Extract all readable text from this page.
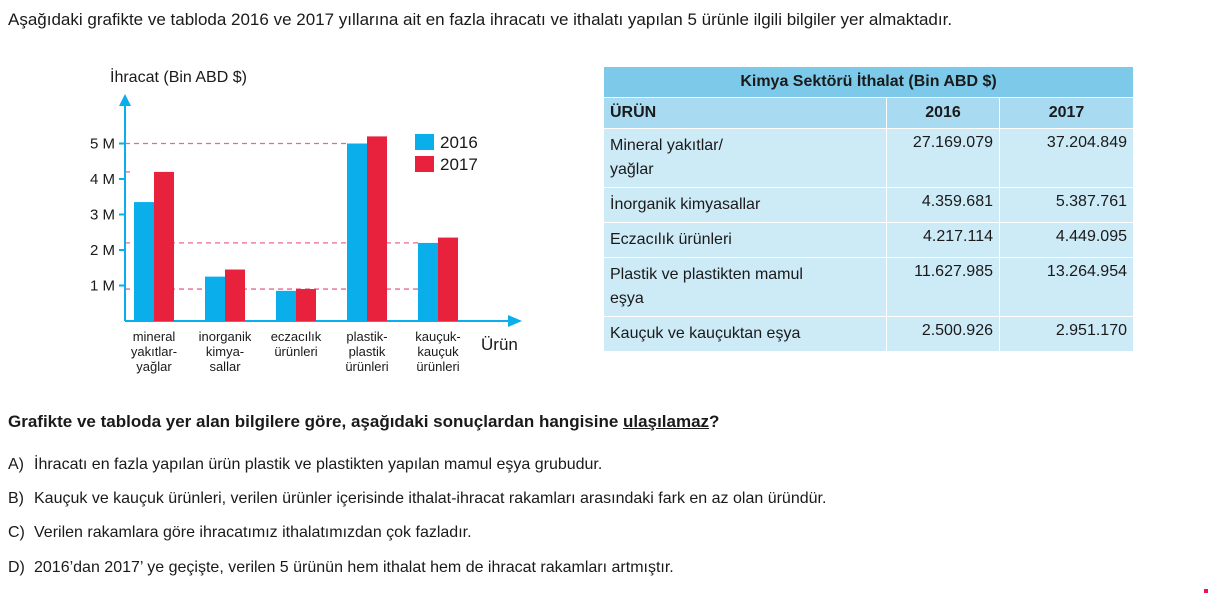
Aşağıdaki grafikte ve tabloda 2016 ve 2017 yıllarına ait en fazla ihracatı ve ithalatı yapılan 5 ürünle ilgili bilgiler yer almaktadır.
1 M
2 M
3 M
4 M
5 M
İhracat (Bin ABD $)
Ürün
mineral
yakıtlar-
yağlar
inorganik
kimya-
sallar
eczacılık
ürünleri
plastik-
plastik
ürünleri
kauçuk-
kauçuk
ürünleri
2016
2017
Kimya Sektörü İthalat (Bin ABD $)		
ÜRÜN	2016	2017
Mineral yakıtlar/
yağlar	27.169.079	37.204.849
İnorganik kimyasallar	4.359.681	5.387.761
Eczacılık ürünleri	4.217.114	4.449.095
Plastik ve plastikten mamul
eşya	11.627.985	13.264.954
Kauçuk ve kauçuktan eşya	2.500.926	2.951.170
Grafikte ve tabloda yer alan bilgilere göre, aşağıdaki sonuçlardan hangisine ulaşılamaz?
A) İhracatı en fazla yapılan ürün plastik ve plastikten yapılan mamul eşya grubudur.
B) Kauçuk ve kauçuk ürünleri, verilen ürünler içerisinde ithalat-ihracat rakamları arasındaki fark en az olan üründür.
C) Verilen rakamlara göre ihracatımız ithalatımızdan çok fazladır.
D) 2016’dan 2017’ ye geçişte, verilen 5 ürünün hem ithalat hem de ihracat rakamları artmıştır.
